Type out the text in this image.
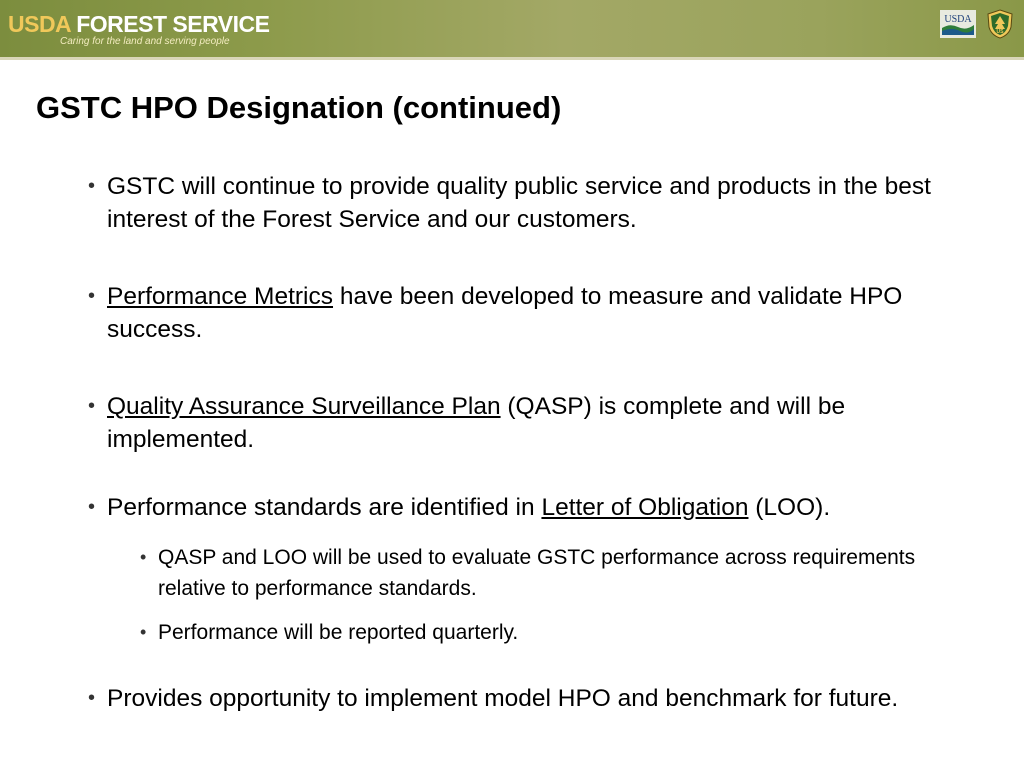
USDA FOREST SERVICE
Caring for the land and serving people
USDA
US
GSTC HPO Designation (continued)
• GSTC will continue to provide quality public service and products in the best interest of the Forest Service and our customers.
• Performance Metrics have been developed to measure and validate HPO success.
• Quality Assurance Surveillance Plan (QASP) is complete and will be implemented.
• Performance standards are identified in Letter of Obligation (LOO).
• QASP and LOO will be used to evaluate GSTC performance across requirements relative to performance standards.
• Performance will be reported quarterly.
• Provides opportunity to implement model HPO and benchmark for future.
